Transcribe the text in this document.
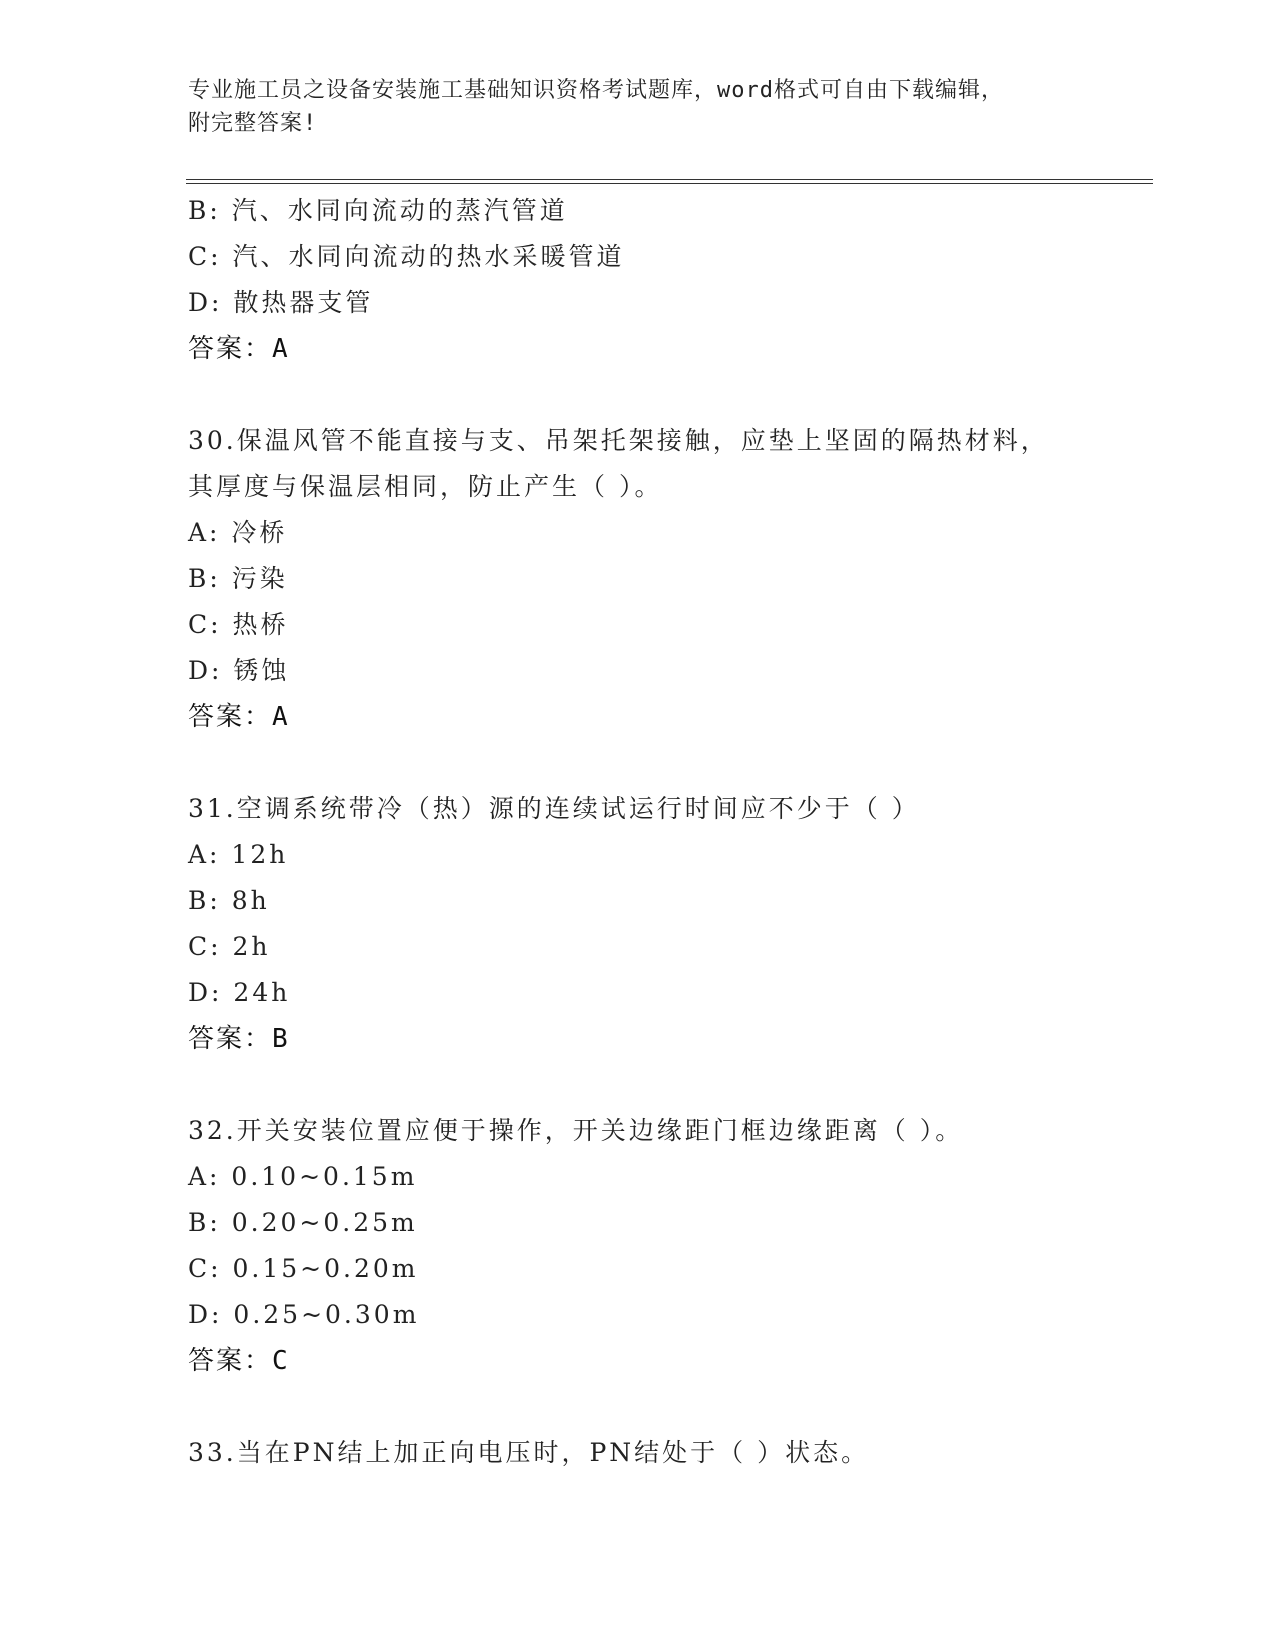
专业施工员之设备安装施工基础知识资格考试题库，word格式可自由下载编辑，
附完整答案!
B: 汽、水同向流动的蒸汽管道
C: 汽、水同向流动的热水采暖管道
D: 散热器支管
答案：A
30.保温风管不能直接与支、吊架托架接触，应垫上坚固的隔热材料，
其厚度与保温层相同，防止产生（ ）。
A: 冷桥
B: 污染
C: 热桥
D: 锈蚀
答案：A
31.空调系统带冷（热）源的连续试运行时间应不少于（ ）
A: 12h
B: 8h
C: 2h
D: 24h
答案：B
32.开关安装位置应便于操作，开关边缘距门框边缘距离（ ）。
A: 0.10~0.15m
B: 0.20~0.25m
C: 0.15~0.20m
D: 0.25~0.30m
答案：C
33.当在PN结上加正向电压时，PN结处于（ ）状态。
